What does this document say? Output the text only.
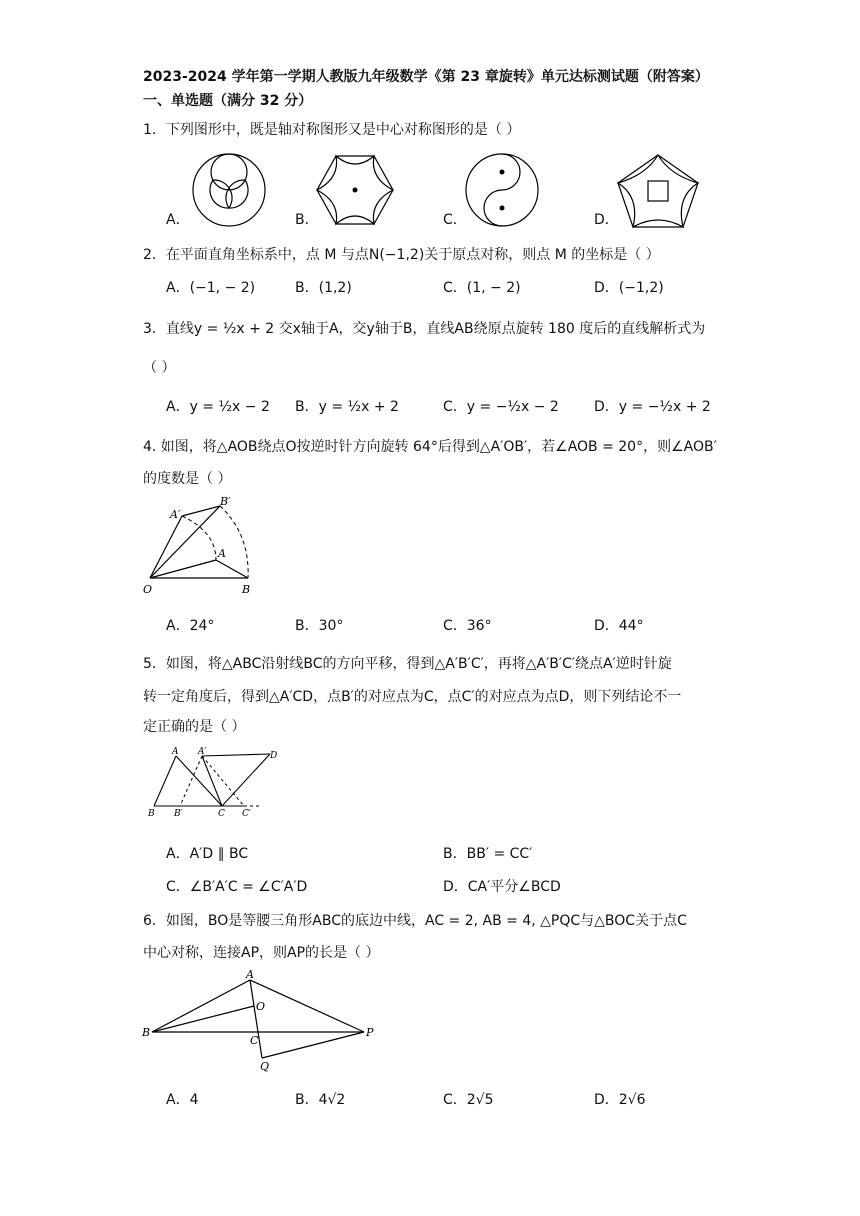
2023-2024 学年第一学期人教版九年级数学《第 23 章旋转》单元达标测试题（附答案）
一、单选题（满分 32 分）
1．下列图形中，既是轴对称图形又是中心对称图形的是（ ）
A．	B．	C．	D．
2．在平面直角坐标系中，点 M 与点N(−1,2)关于原点对称，则点 M 的坐标是（ ）
A．(−1, − 2)	B．(1,2)	C．(1, − 2)	D．(−1,2)
3．直线y = ½x + 2 交x轴于A，交y轴于B，直线AB绕原点旋转 180 度后的直线解析式为
（ ）
A．y = ½x − 2 B．y = ½x + 2	C．y = −½x − 2	D．y = −½x + 2
4. 如图，将△AOB绕点O按逆时针方向旋转 64°后得到△A′OB′，若∠AOB = 20°，则∠AOB′
的度数是（ ）
A′
B′
A
O	B
A．24°	B．30°	C．36°	D．44°
5．如图，将△ABC沿射线BC的方向平移，得到△A′B′C′，再将△A′B′C′绕点A′逆时针旋
转一定角度后，得到△A′CD，点B′的对应点为C，点C′的对应点为点D，则下列结论不一
定正确的是（ ）
A A′	D
B B′	C C′
A．A′D ∥ BC	B．BB′ = CC′
C．∠B′A′C = ∠C′A′D	D．CA′平分∠BCD
6．如图，BO是等腰三角形ABC的底边中线，AC = 2, AB = 4, △PQC与△BOC关于点C
中心对称，连接AP，则AP的长是（ ）
A
O
B
C
P
Q
A．4	B．4√2	C．2√5	D．2√6
